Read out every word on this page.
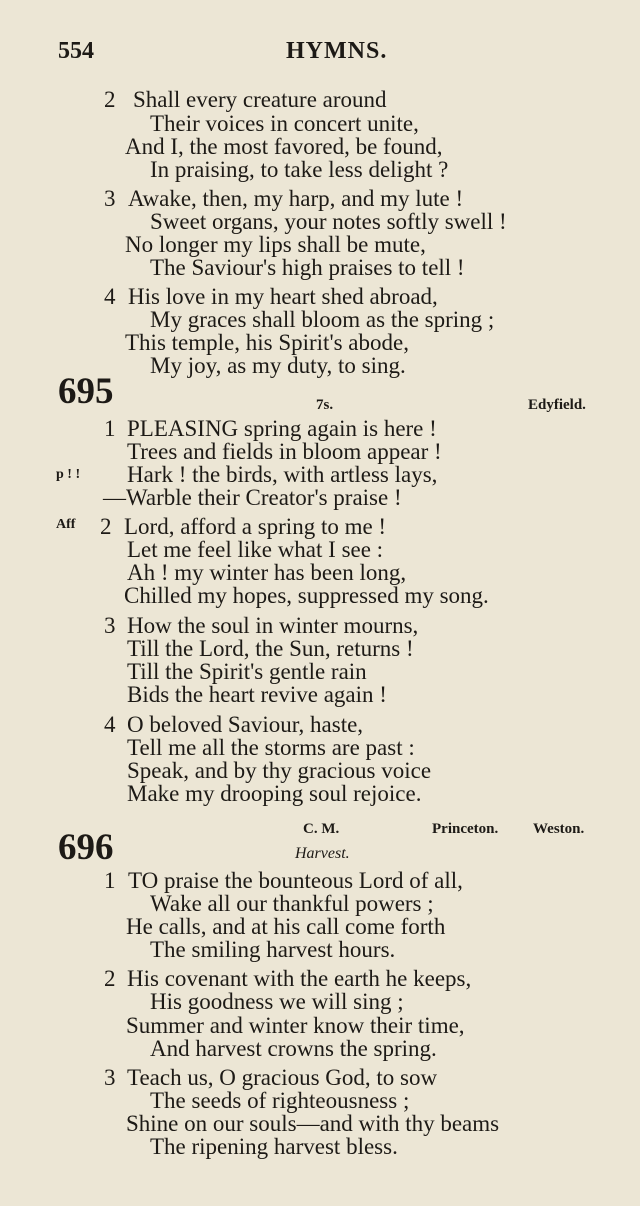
554	HYMNS.
2 Shall every creature around
Their voices in concert unite,
And I, the most favored, be found,
In praising, to take less delight ?
3 Awake, then, my harp, and my lute !
Sweet organs, your notes softly swell !
No longer my lips shall be mute,
The Saviour's high praises to tell !
4 His love in my heart shed abroad,
My graces shall bloom as the spring ;
This temple, his Spirit's abode,
My joy, as my duty, to sing.
695	7s.	Edyfield.
1 PLEASING spring again is here !
Trees and fields in bloom appear !
p ! ! Hark ! the birds, with artless lays,
—Warble their Creator's praise !
Aff 2 Lord, afford a spring to me !
Let me feel like what I see :
Ah ! my winter has been long,
Chilled my hopes, suppressed my song.
3 How the soul in winter mourns,
Till the Lord, the Sun, returns !
Till the Spirit's gentle rain
Bids the heart revive again !
4 O beloved Saviour, haste,
Tell me all the storms are past :
Speak, and by thy gracious voice
Make my drooping soul rejoice.
C. M.	Princeton. Weston.
696	Harvest.
1 TO praise the bounteous Lord of all,
Wake all our thankful powers ;
He calls, and at his call come forth
The smiling harvest hours.
2 His covenant with the earth he keeps,
His goodness we will sing ;
Summer and winter know their time,
And harvest crowns the spring.
3 Teach us, O gracious God, to sow
The seeds of righteousness ;
Shine on our souls—and with thy beams
The ripening harvest bless.
